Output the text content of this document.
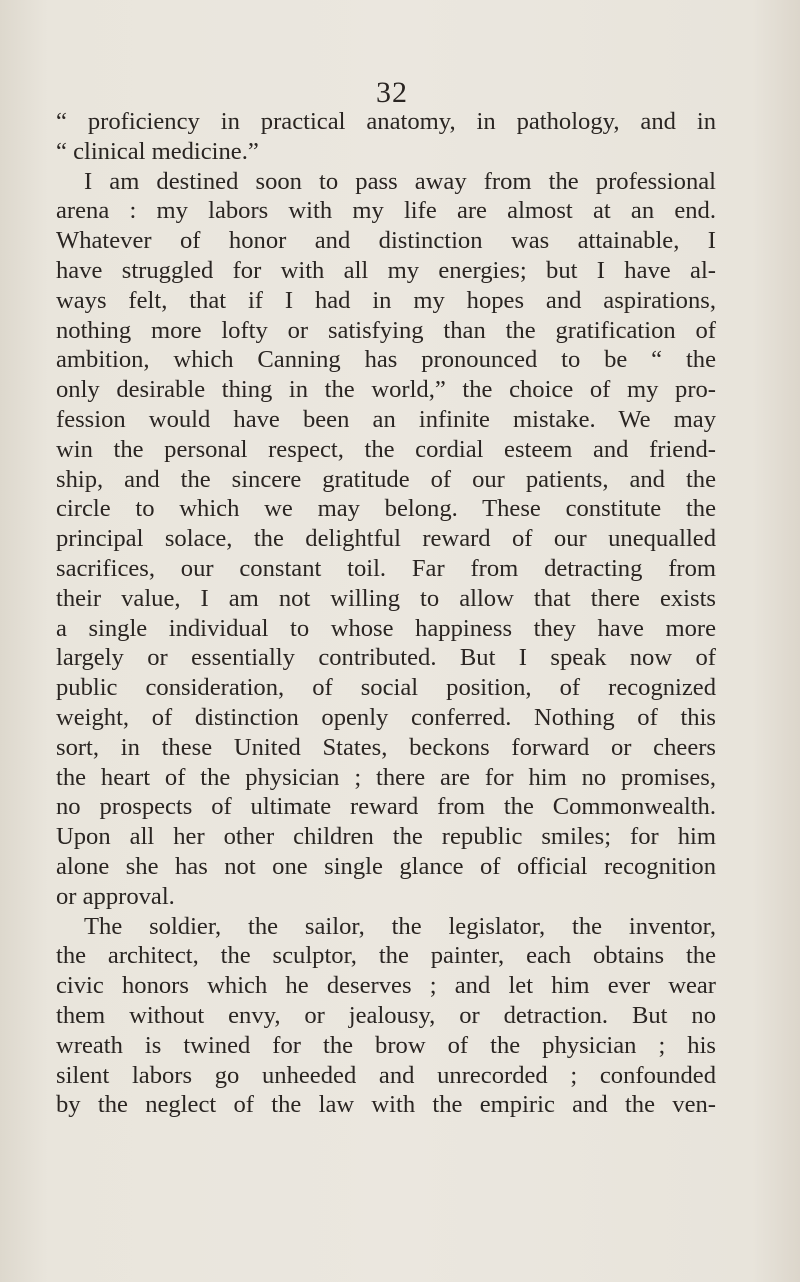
32
“ proficiency in practical anatomy, in pathology, and in
“ clinical medicine.”
I am destined soon to pass away from the professional
arena : my labors with my life are almost at an end.
Whatever of honor and distinction was attainable, I
have struggled for with all my energies; but I have al-
ways felt, that if I had in my hopes and aspirations,
nothing more lofty or satisfying than the gratification of
ambition, which Canning has pronounced to be “ the
only desirable thing in the world,” the choice of my pro-
fession would have been an infinite mistake. We may
win the personal respect, the cordial esteem and friend-
ship, and the sincere gratitude of our patients, and the
circle to which we may belong. These constitute the
principal solace, the delightful reward of our unequalled
sacrifices, our constant toil. Far from detracting from
their value, I am not willing to allow that there exists
a single individual to whose happiness they have more
largely or essentially contributed. But I speak now of
public consideration, of social position, of recognized
weight, of distinction openly conferred. Nothing of this
sort, in these United States, beckons forward or cheers
the heart of the physician ; there are for him no promises,
no prospects of ultimate reward from the Commonwealth.
Upon all her other children the republic smiles; for him
alone she has not one single glance of official recognition
or approval.
The soldier, the sailor, the legislator, the inventor,
the architect, the sculptor, the painter, each obtains the
civic honors which he deserves ; and let him ever wear
them without envy, or jealousy, or detraction. But no
wreath is twined for the brow of the physician ; his
silent labors go unheeded and unrecorded ; confounded
by the neglect of the law with the empiric and the ven-
